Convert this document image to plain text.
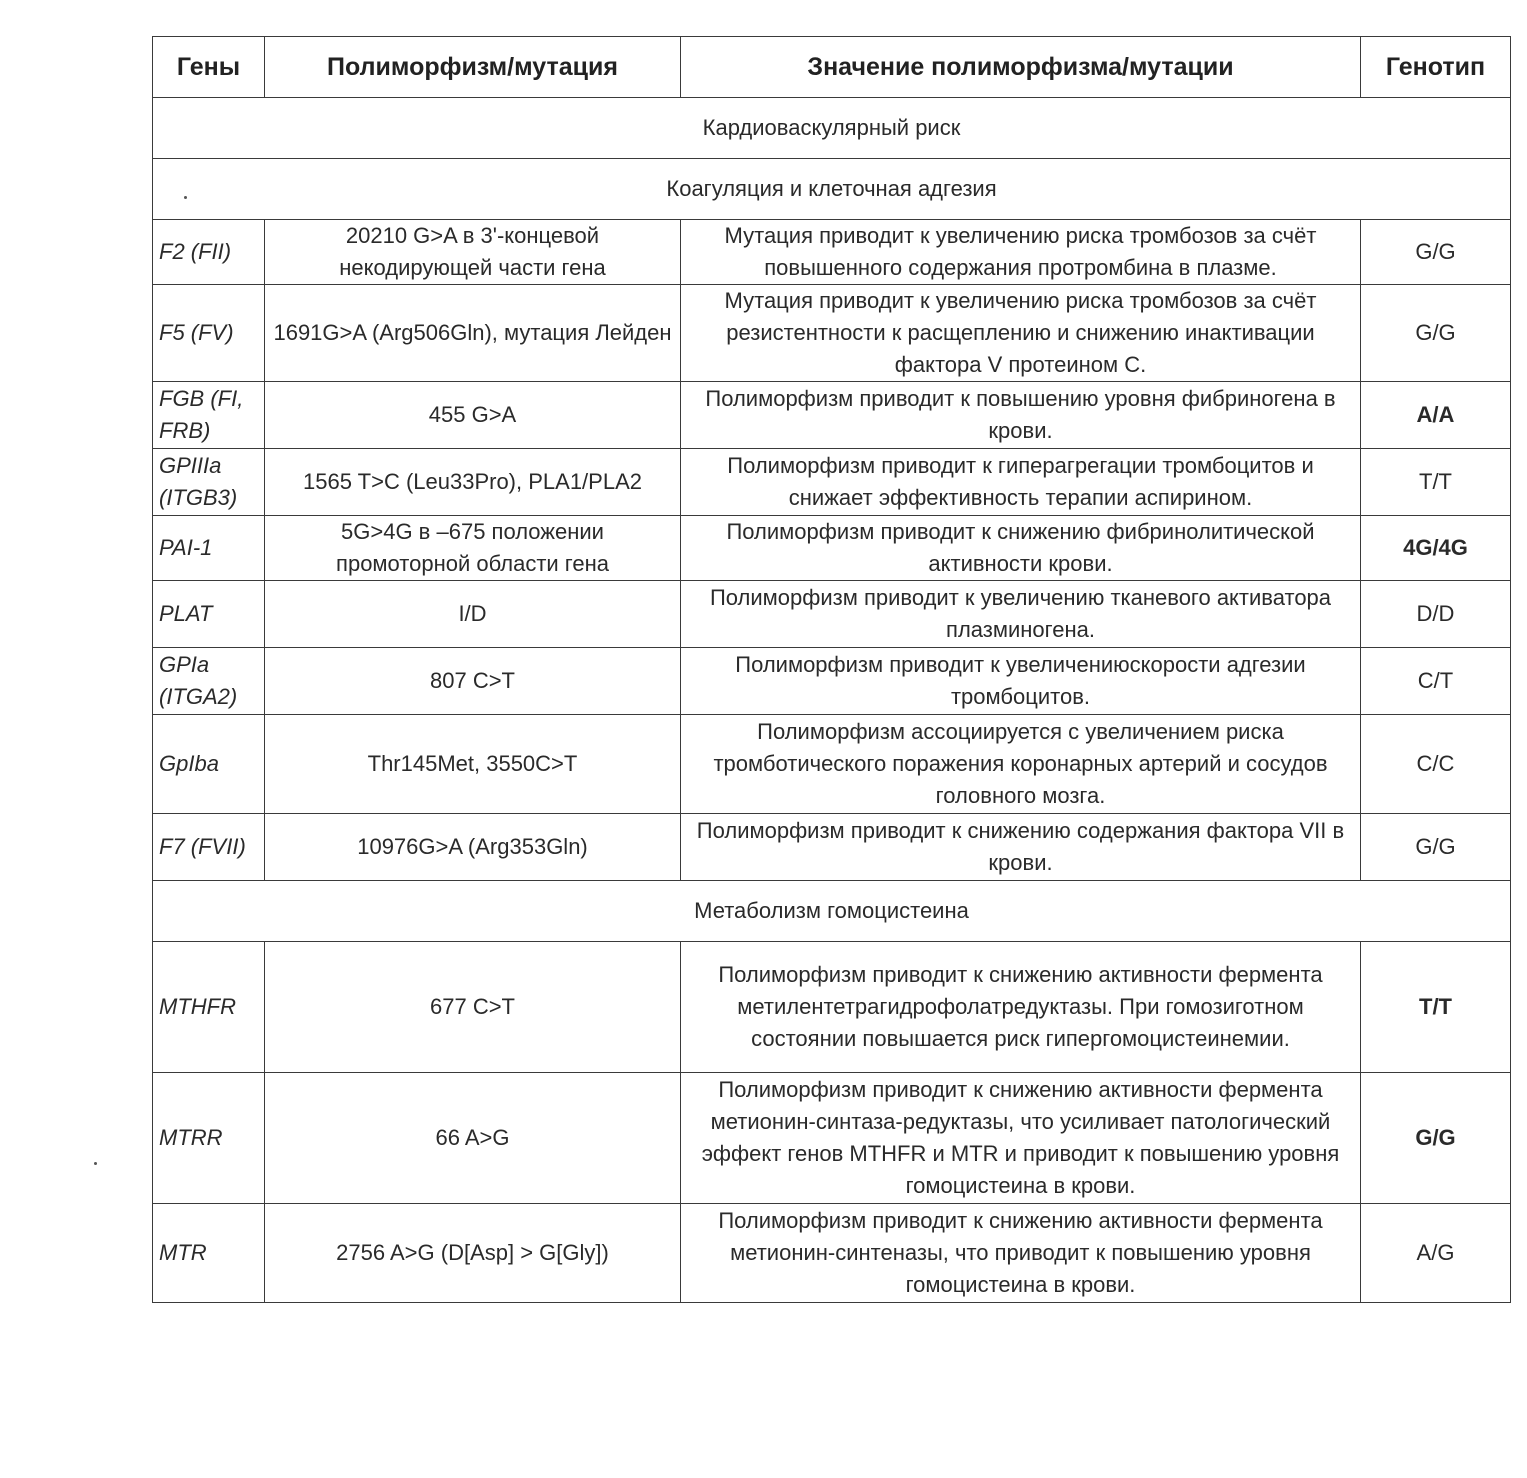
Гены	Полиморфизм/мутация	Значение полиморфизма/мутации	Генотип
Кардиоваскулярный риск			
Коагуляция и клеточная адгезия			
F2 (FII)	20210 G>A в 3'-концевой некодирующей части гена	Мутация приводит к увеличению риска тромбозов за счёт повышенного содержания протромбина в плазме.	G/G
F5 (FV)	1691G>A (Arg506Gln), мутация Лейден	Мутация приводит к увеличению риска тромбозов за счёт резистентности к расщеплению и снижению инактивации фактора V протеином C.	G/G
FGB (FI, FRB)	455 G>A	Полиморфизм приводит к повышению уровня фибриногена в крови.	A/A
GPIIIa (ITGB3)	1565 T>C (Leu33Pro), PLA1/PLA2	Полиморфизм приводит к гиперагрегации тромбоцитов и снижает эффективность терапии аспирином.	T/T
PAI-1	5G>4G в –675 положении промоторной области гена	Полиморфизм приводит к снижению фибринолитической активности крови.	4G/4G
PLAT	I/D	Полиморфизм приводит к увеличению тканевого активатора плазминогена.	D/D
GPIa (ITGA2)	807 C>T	Полиморфизм приводит к увеличениюскорости адгезии тромбоцитов.	C/T
GpIba	Thr145Met, 3550C>T	Полиморфизм ассоциируется с увеличением риска тромботического поражения коронарных артерий и сосудов головного мозга.	C/C
F7 (FVII)	10976G>A (Arg353Gln)	Полиморфизм приводит к снижению содержания фактора VII в крови.	G/G
Метаболизм гомоцистеина			
MTHFR	677 C>T	Полиморфизм приводит к снижению активности фермента метилентетрагидрофолатредуктазы. При гомозиготном состоянии повышается риск гипергомоцистеинемии.	T/T
MTRR	66 A>G	Полиморфизм приводит к снижению активности фермента метионин-синтаза-редуктазы, что усиливает патологический эффект генов MTHFR и MTR и приводит к повышению уровня гомоцистеина в крови.	G/G
MTR	2756 A>G (D[Asp] > G[Gly])	Полиморфизм приводит к снижению активности фермента метионин-синтеназы, что приводит к повышению уровня гомоцистеина в крови.	A/G
